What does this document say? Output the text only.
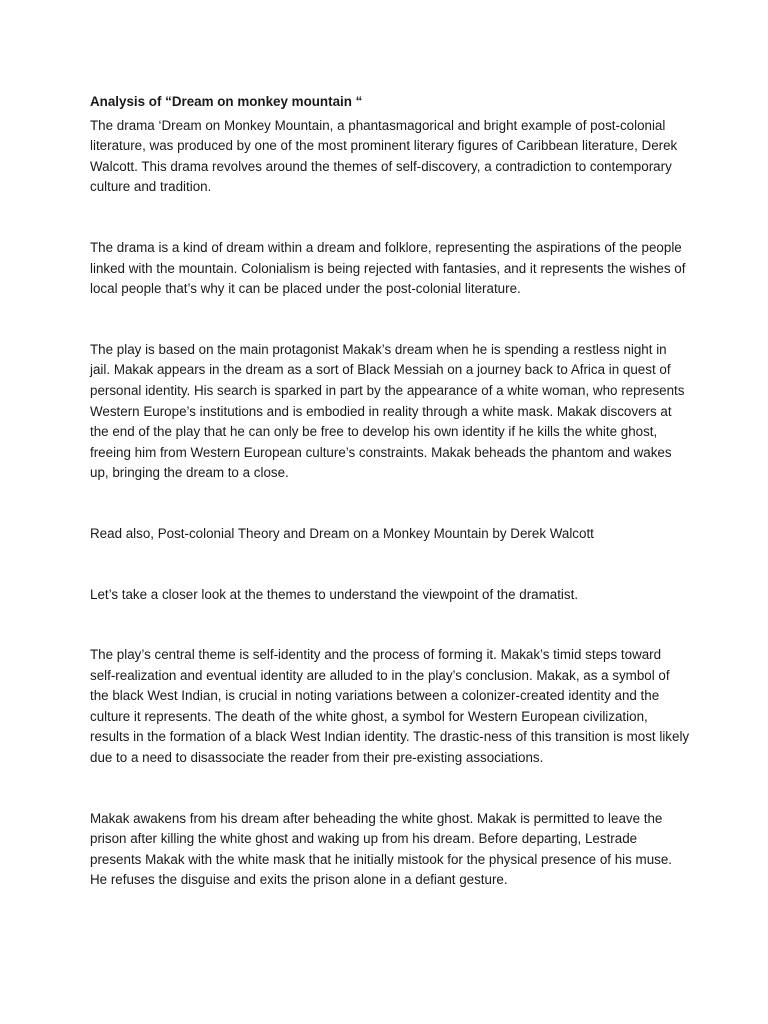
Analysis of “Dream on monkey mountain “

The drama ‘Dream on Monkey Mountain, a phantasmagorical and bright example of post-colonial literature, was produced by one of the most prominent literary figures of Caribbean literature, Derek Walcott. This drama revolves around the themes of self-discovery, a contradiction to contemporary culture and tradition.

The drama is a kind of dream within a dream and folklore, representing the aspirations of the people linked with the mountain. Colonialism is being rejected with fantasies, and it represents the wishes of local people that’s why it can be placed under the post-colonial literature.

The play is based on the main protagonist Makak’s dream when he is spending a restless night in jail. Makak appears in the dream as a sort of Black Messiah on a journey back to Africa in quest of personal identity. His search is sparked in part by the appearance of a white woman, who represents Western Europe’s institutions and is embodied in reality through a white mask. Makak discovers at the end of the play that he can only be free to develop his own identity if he kills the white ghost, freeing him from Western European culture’s constraints. Makak beheads the phantom and wakes up, bringing the dream to a close.

Read also, Post-colonial Theory and Dream on a Monkey Mountain by Derek Walcott

Let’s take a closer look at the themes to understand the viewpoint of the dramatist.

The play’s central theme is self-identity and the process of forming it. Makak’s timid steps toward self-realization and eventual identity are alluded to in the play’s conclusion. Makak, as a symbol of the black West Indian, is crucial in noting variations between a colonizer-created identity and the culture it represents. The death of the white ghost, a symbol for Western European civilization, results in the formation of a black West Indian identity. The drastic-ness of this transition is most likely due to a need to disassociate the reader from their pre-existing associations.

Makak awakens from his dream after beheading the white ghost. Makak is permitted to leave the prison after killing the white ghost and waking up from his dream. Before departing, Lestrade presents Makak with the white mask that he initially mistook for the physical presence of his muse. He refuses the disguise and exits the prison alone in a defiant gesture.
